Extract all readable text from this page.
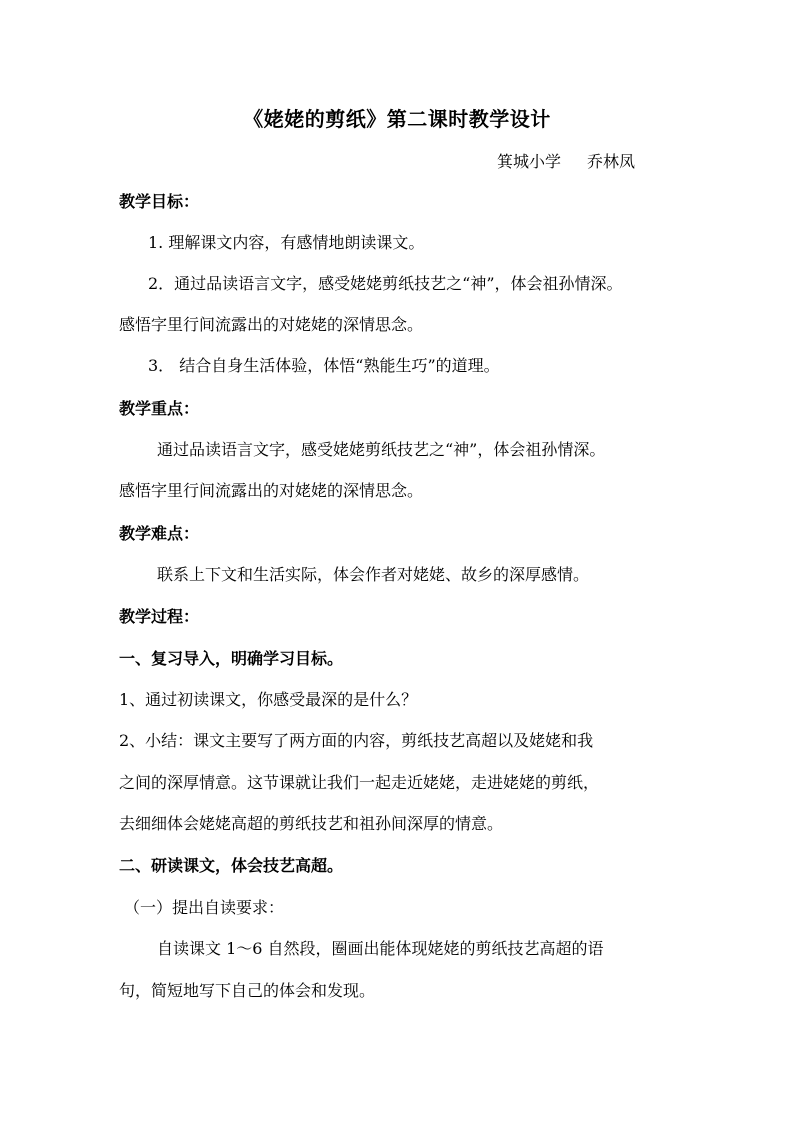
《姥姥的剪纸》第二课时教学设计
箕城小学 乔林凤
教学目标：
1. 理解课文内容，有感情地朗读课文。
2．通过品读语言文字，感受姥姥剪纸技艺之“神”，体会祖孙情深。
感悟字里行间流露出的对姥姥的深情思念。
3． 结合自身生活体验，体悟“熟能生巧”的道理。
教学重点：
通过品读语言文字，感受姥姥剪纸技艺之“神”，体会祖孙情深。
感悟字里行间流露出的对姥姥的深情思念。
教学难点：
联系上下文和生活实际，体会作者对姥姥、故乡的深厚感情。
教学过程：
一、复习导入，明确学习目标。
1、通过初读课文，你感受最深的是什么？
2、小结：课文主要写了两方面的内容，剪纸技艺高超以及姥姥和我
之间的深厚情意。这节课就让我们一起走近姥姥，走进姥姥的剪纸，
去细细体会姥姥高超的剪纸技艺和祖孙间深厚的情意。
二、研读课文，体会技艺高超。
（一）提出自读要求：
自读课文 1～6 自然段，圈画出能体现姥姥的剪纸技艺高超的语
句，简短地写下自己的体会和发现。
